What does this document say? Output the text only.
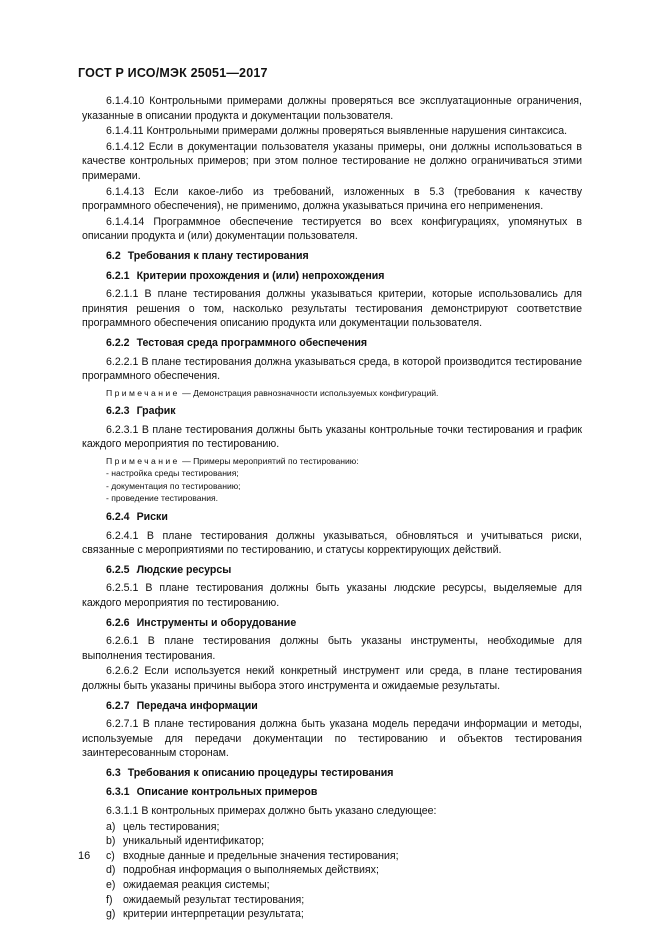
ГОСТ Р ИСО/МЭК 25051—2017

6.1.4.10 Контрольными примерами должны проверяться все эксплуатационные ограничения, указанные в описании продукта и документации пользователя.

6.1.4.11 Контрольными примерами должны проверяться выявленные нарушения синтаксиса.

6.1.4.12 Если в документации пользователя указаны примеры, они должны использоваться в качестве контрольных примеров; при этом полное тестирование не должно ограничиваться этими примерами.

6.1.4.13 Если какое-либо из требований, изложенных в 5.3 (требования к качеству программного обеспечения), не применимо, должна указываться причина его неприменения.

6.1.4.14 Программное обеспечение тестируется во всех конфигурациях, упомянутых в описании продукта и (или) документации пользователя.

6.2 Требования к плану тестирования
6.2.1 Критерии прохождения и (или) непрохождения

6.2.1.1 В плане тестирования должны указываться критерии, которые использовались для принятия решения о том, насколько результаты тестирования демонстрируют соответствие программного обеспечения описанию продукта или документации пользователя.

6.2.2 Тестовая среда программного обеспечения

6.2.2.1 В плане тестирования должна указываться среда, в которой производится тестирование программного обеспечения.

Примечание — Демонстрация равнозначности используемых конфигураций.
6.2.3 График

6.2.3.1 В плане тестирования должны быть указаны контрольные точки тестирования и график каждого мероприятия по тестированию.

Примечание — Примеры мероприятий по тестированию:
- настройка среды тестирования;
- документация по тестированию;
- проведение тестирования.
6.2.4 Риски

6.2.4.1 В плане тестирования должны указываться, обновляться и учитываться риски, связанные с мероприятиями по тестированию, и статусы корректирующих действий.

6.2.5 Людские ресурсы

6.2.5.1 В плане тестирования должны быть указаны людские ресурсы, выделяемые для каждого мероприятия по тестированию.

6.2.6 Инструменты и оборудование

6.2.6.1 В плане тестирования должны быть указаны инструменты, необходимые для выполнения тестирования.

6.2.6.2 Если используется некий конкретный инструмент или среда, в плане тестирования должны быть указаны причины выбора этого инструмента и ожидаемые результаты.

6.2.7 Передача информации

6.2.7.1 В плане тестирования должна быть указана модель передачи информации и методы, используемые для передачи документации по тестированию и объектов тестирования заинтересованным сторонам.

6.3 Требования к описанию процедуры тестирования
6.3.1 Описание контрольных примеров

6.3.1.1 В контрольных примерах должно быть указано следующее:

a) цель тестирования;
b) уникальный идентификатор;
c) входные данные и предельные значения тестирования;
d) подробная информация о выполняемых действиях;
e) ожидаемая реакция системы;
f) ожидаемый результат тестирования;
g) критерии интерпретации результата;
16
